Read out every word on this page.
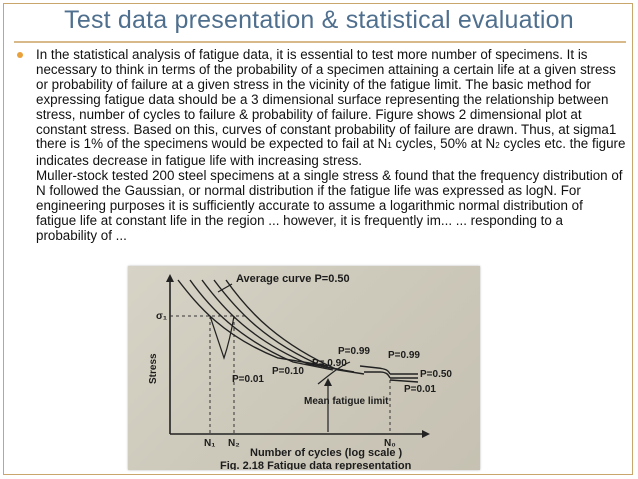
Test data presentation & statistical evaluation

In the statistical analysis of fatigue data, it is essential to test more number of specimens. It is necessary to think in terms of the probability of a specimen attaining a certain life at a given stress or probability of failure at a given stress in the vicinity of the fatigue limit. The basic method for expressing fatigue data should be a 3 dimensional surface representing the relationship between stress, number of cycles to failure & probability of failure. Figure shows 2 dimensional plot at constant stress. Based on this, curves of constant probability of failure are drawn. Thus, at sigma1 there is 1% of the specimens would be expected to fail at N1 cycles, 50% at N2 cycles etc. the figure indicates decrease in fatigue life with increasing stress.

Muller-stock tested 200 steel specimens at a single stress & found that the frequency distribution of N followed the Gaussian, or normal distribution if the fatigue life was expressed as logN. For engineering purposes it is sufficiently accurate to assume a logarithmic normal distribution of fatigue life at constant life in the region ... however, it is frequently im... ... responding to a probability of ...

Average curve P=0.50
σ₁
Stress	P=0.01
P=0.10
P= 0.90
P=0.99 P=0.99
P=0.50
P=0.01
Mean fatigue limit
N₁ N₂	N₀
Number of cycles (log scale )
Fig. 2.18 Fatigue data representation
